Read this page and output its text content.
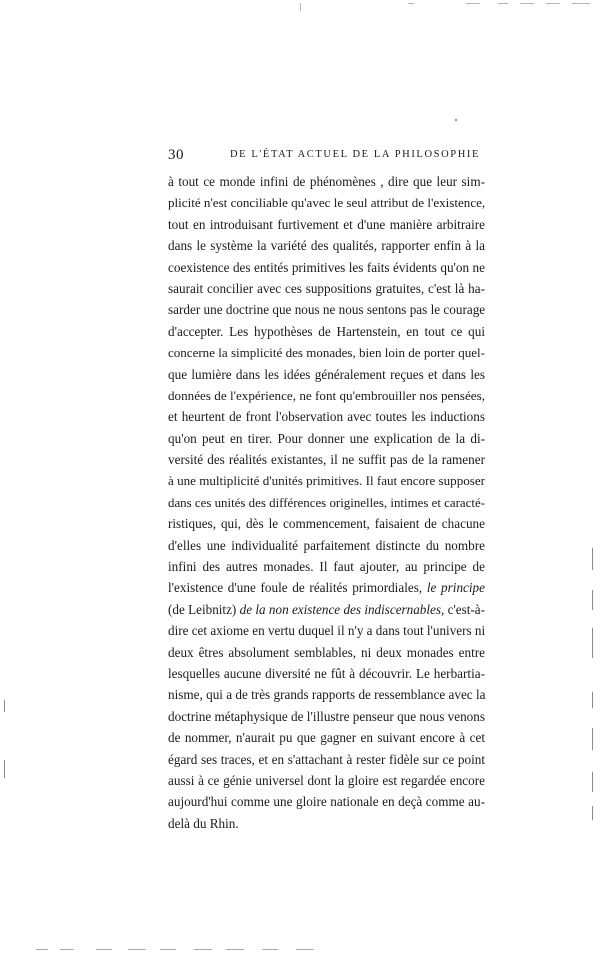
30	DE L'ÉTAT ACTUEL DE LA PHILOSOPHIE
à tout ce monde infini de phénomènes , dire que leur sim-
plicité n'est conciliable qu'avec le seul attribut de l'existence,
tout en introduisant furtivement et d'une manière arbitraire
dans le système la variété des qualités, rapporter enfin à la
coexistence des entités primitives les faits évidents qu'on ne
saurait concilier avec ces suppositions gratuites, c'est là ha-
sarder une doctrine que nous ne nous sentons pas le courage
d'accepter. Les hypothèses de Hartenstein, en tout ce qui
concerne la simplicité des monades, bien loin de porter quel-
que lumière dans les idées généralement reçues et dans les
données de l'expérience, ne font qu'embrouiller nos pensées,
et heurtent de front l'observation avec toutes les inductions
qu'on peut en tirer. Pour donner une explication de la di-
versité des réalités existantes, il ne suffit pas de la ramener
à une multiplicité d'unités primitives. Il faut encore supposer
dans ces unités des différences originelles, intimes et caracté-
ristiques, qui, dès le commencement, faisaient de chacune
d'elles une individualité parfaitement distincte du nombre
infini des autres monades. Il faut ajouter, au principe de
l'existence d'une foule de réalités primordiales, le principe
(de Leibnitz) de la non existence des indiscernables, c'est-à-
dire cet axiome en vertu duquel il n'y a dans tout l'univers ni
deux êtres absolument semblables, ni deux monades entre
lesquelles aucune diversité ne fût à découvrir. Le herbartia-
nisme, qui a de très grands rapports de ressemblance avec la
doctrine métaphysique de l'illustre penseur que nous venons
de nommer, n'aurait pu que gagner en suivant encore à cet
égard ses traces, et en s'attachant à rester fidèle sur ce point
aussi à ce génie universel dont la gloire est regardée encore
aujourd'hui comme une gloire nationale en deçà comme au-
delà du Rhin.
